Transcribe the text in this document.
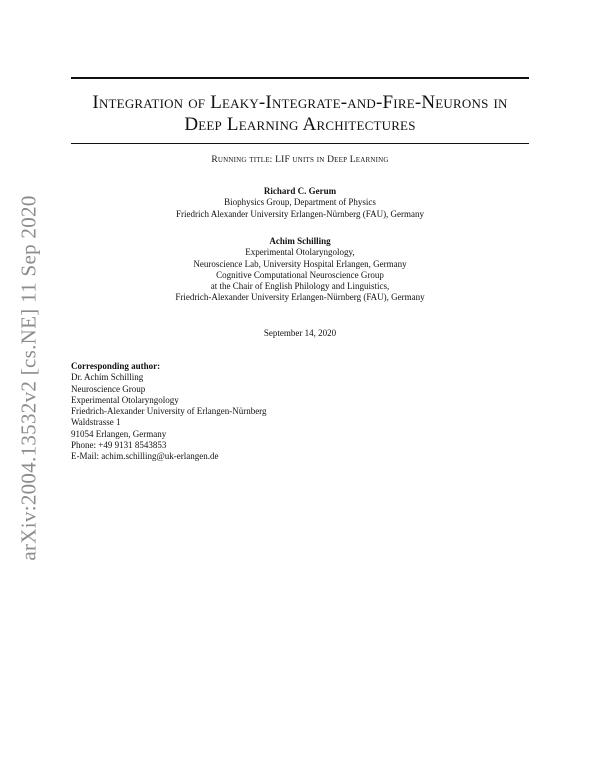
arXiv:2004.13532v2 [cs.NE] 11 Sep 2020
Integration of Leaky-Integrate-and-Fire-Neurons in
Deep Learning Architectures
Running title: LIF units in Deep Learning
Richard C. Gerum
Biophysics Group, Department of Physics
Friedrich Alexander University Erlangen-Nürnberg (FAU), Germany
Achim Schilling
Experimental Otolaryngology,
Neuroscience Lab, University Hospital Erlangen, Germany
Cognitive Computational Neuroscience Group
at the Chair of English Philology and Linguistics,
Friedrich-Alexander University Erlangen-Nürnberg (FAU), Germany
September 14, 2020
Corresponding author:
Dr. Achim Schilling
Neuroscience Group
Experimental Otolaryngology
Friedrich-Alexander University of Erlangen-Nürnberg
Waldstrasse 1
91054 Erlangen, Germany
Phone: +49 9131 8543853
E-Mail: achim.schilling@uk-erlangen.de
